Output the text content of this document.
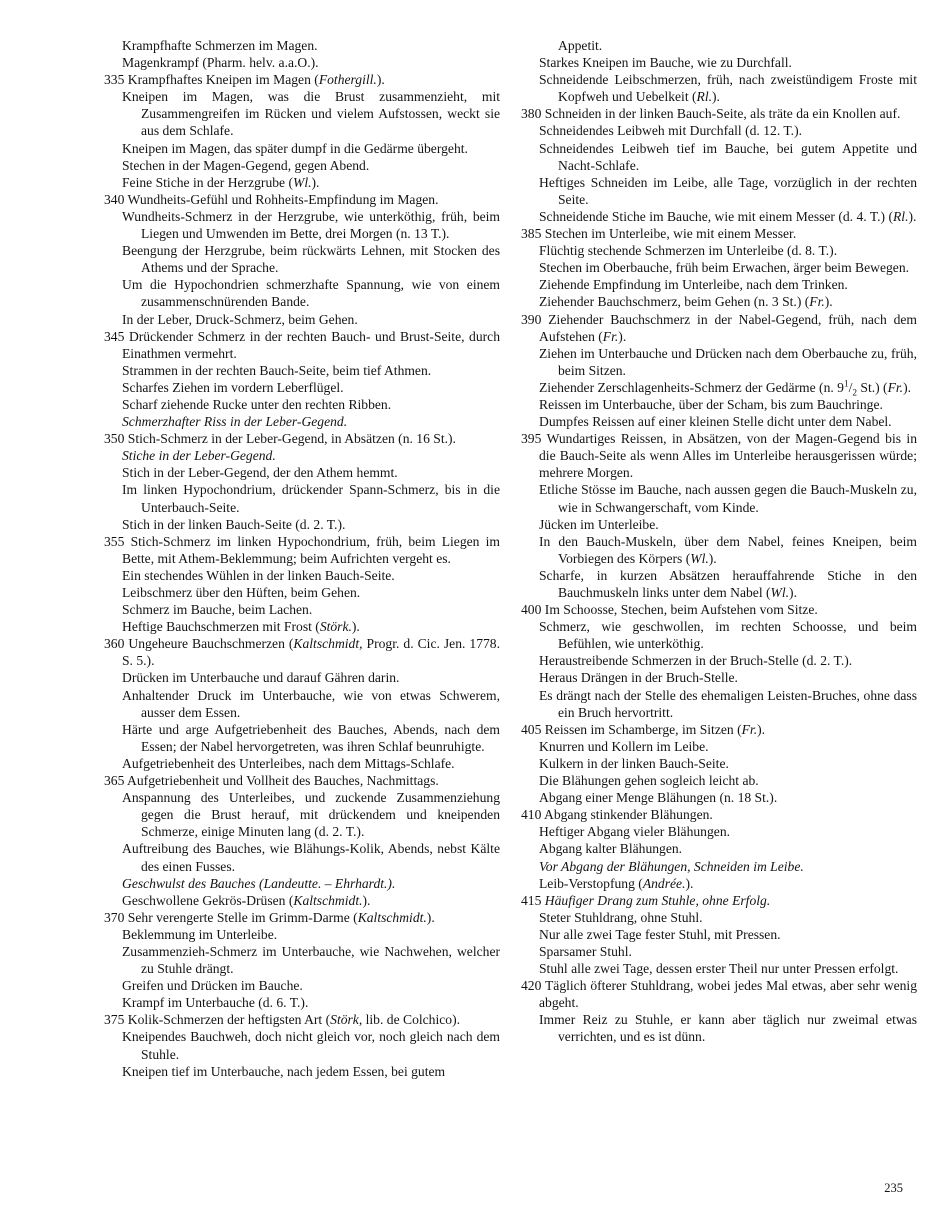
Krampfhafte Schmerzen im Magen.

Magenkrampf (Pharm. helv. a.a.O.).

335 Krampfhaftes Kneipen im Magen (Fothergill.).

Kneipen im Magen, was die Brust zusammenzieht, mit Zusammengreifen im Rücken und vielem Aufstossen, weckt sie aus dem Schlafe.

Kneipen im Magen, das später dumpf in die Gedärme übergeht.

Stechen in der Magen-Gegend, gegen Abend.

Feine Stiche in der Herzgrube (Wl.).

340 Wundheits-Gefühl und Rohheits-Empfindung im Magen.

Wundheits-Schmerz in der Herzgrube, wie unterköthig, früh, beim Liegen und Umwenden im Bette, drei Morgen (n. 13 T.).

Beengung der Herzgrube, beim rückwärts Lehnen, mit Stocken des Athems und der Sprache.

Um die Hypochondrien schmerzhafte Spannung, wie von einem zusammenschnürenden Bande.

In der Leber, Druck-Schmerz, beim Gehen.

345 Drückender Schmerz in der rechten Bauch- und Brust-Seite, durch Einathmen vermehrt.

Strammen in der rechten Bauch-Seite, beim tief Athmen.

Scharfes Ziehen im vordern Leberflügel.

Scharf ziehende Rucke unter den rechten Ribben.

Schmerzhafter Riss in der Leber-Gegend.

350 Stich-Schmerz in der Leber-Gegend, in Absätzen (n. 16 St.).

Stiche in der Leber-Gegend.

Stich in der Leber-Gegend, der den Athem hemmt.

Im linken Hypochondrium, drückender Spann-Schmerz, bis in die Unterbauch-Seite.

Stich in der linken Bauch-Seite (d. 2. T.).

355 Stich-Schmerz im linken Hypochondrium, früh, beim Liegen im Bette, mit Athem-Beklemmung; beim Aufrichten vergeht es.

Ein stechendes Wühlen in der linken Bauch-Seite.

Leibschmerz über den Hüften, beim Gehen.

Schmerz im Bauche, beim Lachen.

Heftige Bauchschmerzen mit Frost (Störk.).

360 Ungeheure Bauchschmerzen (Kaltschmidt, Progr. d. Cic. Jen. 1778. S. 5.).

Drücken im Unterbauche und darauf Gähren darin.

Anhaltender Druck im Unterbauche, wie von etwas Schwerem, ausser dem Essen.

Härte und arge Aufgetriebenheit des Bauches, Abends, nach dem Essen; der Nabel hervorgetreten, was ihren Schlaf beunruhigte.

Aufgetriebenheit des Unterleibes, nach dem Mittags-Schlafe.

365 Aufgetriebenheit und Vollheit des Bauches, Nachmittags.

Anspannung des Unterleibes, und zuckende Zusammenziehung gegen die Brust herauf, mit drückendem und kneipenden Schmerze, einige Minuten lang (d. 2. T.).

Auftreibung des Bauches, wie Blähungs-Kolik, Abends, nebst Kälte des einen Fusses.

Geschwulst des Bauches (Landeutte. – Ehrhardt.).

Geschwollene Gekrös-Drüsen (Kaltschmidt.).

370 Sehr verengerte Stelle im Grimm-Darme (Kaltschmidt.).

Beklemmung im Unterleibe.

Zusammenzieh-Schmerz im Unterbauche, wie Nachwehen, welcher zu Stuhle drängt.

Greifen und Drücken im Bauche.

Krampf im Unterbauche (d. 6. T.).

375 Kolik-Schmerzen der heftigsten Art (Störk, lib. de Colchico).

Kneipendes Bauchweh, doch nicht gleich vor, noch gleich nach dem Stuhle.

Kneipen tief im Unterbauche, nach jedem Essen, bei gutem

Appetit.

Starkes Kneipen im Bauche, wie zu Durchfall.

Schneidende Leibschmerzen, früh, nach zweistündigem Froste mit Kopfweh und Uebelkeit (Rl.).

380 Schneiden in der linken Bauch-Seite, als träte da ein Knollen auf.

Schneidendes Leibweh mit Durchfall (d. 12. T.).

Schneidendes Leibweh tief im Bauche, bei gutem Appetite und Nacht-Schlafe.

Heftiges Schneiden im Leibe, alle Tage, vorzüglich in der rechten Seite.

Schneidende Stiche im Bauche, wie mit einem Messer (d. 4. T.) (Rl.).

385 Stechen im Unterleibe, wie mit einem Messer.

Flüchtig stechende Schmerzen im Unterleibe (d. 8. T.).

Stechen im Oberbauche, früh beim Erwachen, ärger beim Bewegen.

Ziehende Empfindung im Unterleibe, nach dem Trinken.

Ziehender Bauchschmerz, beim Gehen (n. 3 St.) (Fr.).

390 Ziehender Bauchschmerz in der Nabel-Gegend, früh, nach dem Aufstehen (Fr.).

Ziehen im Unterbauche und Drücken nach dem Oberbauche zu, früh, beim Sitzen.

Ziehender Zerschlagenheits-Schmerz der Gedärme (n. $9^1/_2$ St.) (Fr.).

Reissen im Unterbauche, über der Scham, bis zum Bauchringe.

Dumpfes Reissen auf einer kleinen Stelle dicht unter dem Nabel.

395 Wundartiges Reissen, in Absätzen, von der Magen-Gegend bis in die Bauch-Seite als wenn Alles im Unterleibe herausgerissen würde; mehrere Morgen.

Etliche Stösse im Bauche, nach aussen gegen die Bauch-Muskeln zu, wie in Schwangerschaft, vom Kinde.

Jücken im Unterleibe.

In den Bauch-Muskeln, über dem Nabel, feines Kneipen, beim Vorbiegen des Körpers (Wl.).

Scharfe, in kurzen Absätzen herauffahrende Stiche in den Bauchmuskeln links unter dem Nabel (Wl.).

400 Im Schoosse, Stechen, beim Aufstehen vom Sitze.

Schmerz, wie geschwollen, im rechten Schoosse, und beim Befühlen, wie unterköthig.

Heraustreibende Schmerzen in der Bruch-Stelle (d. 2. T.).

Heraus Drängen in der Bruch-Stelle.

Es drängt nach der Stelle des ehemaligen Leisten-Bruches, ohne dass ein Bruch hervortritt.

405 Reissen im Schamberge, im Sitzen (Fr.).

Knurren und Kollern im Leibe.

Kulkern in der linken Bauch-Seite.

Die Blähungen gehen sogleich leicht ab.

Abgang einer Menge Blähungen (n. 18 St.).

410 Abgang stinkender Blähungen.

Heftiger Abgang vieler Blähungen.

Abgang kalter Blähungen.

Vor Abgang der Blähungen, Schneiden im Leibe.

Leib-Verstopfung (Andrée.).

415 Häufiger Drang zum Stuhle, ohne Erfolg.

Steter Stuhldrang, ohne Stuhl.

Nur alle zwei Tage fester Stuhl, mit Pressen.

Sparsamer Stuhl.

Stuhl alle zwei Tage, dessen erster Theil nur unter Pressen erfolgt.

420 Täglich öfterer Stuhldrang, wobei jedes Mal etwas, aber sehr wenig abgeht.

Immer Reiz zu Stuhle, er kann aber täglich nur zweimal etwas verrichten, und es ist dünn.

235
